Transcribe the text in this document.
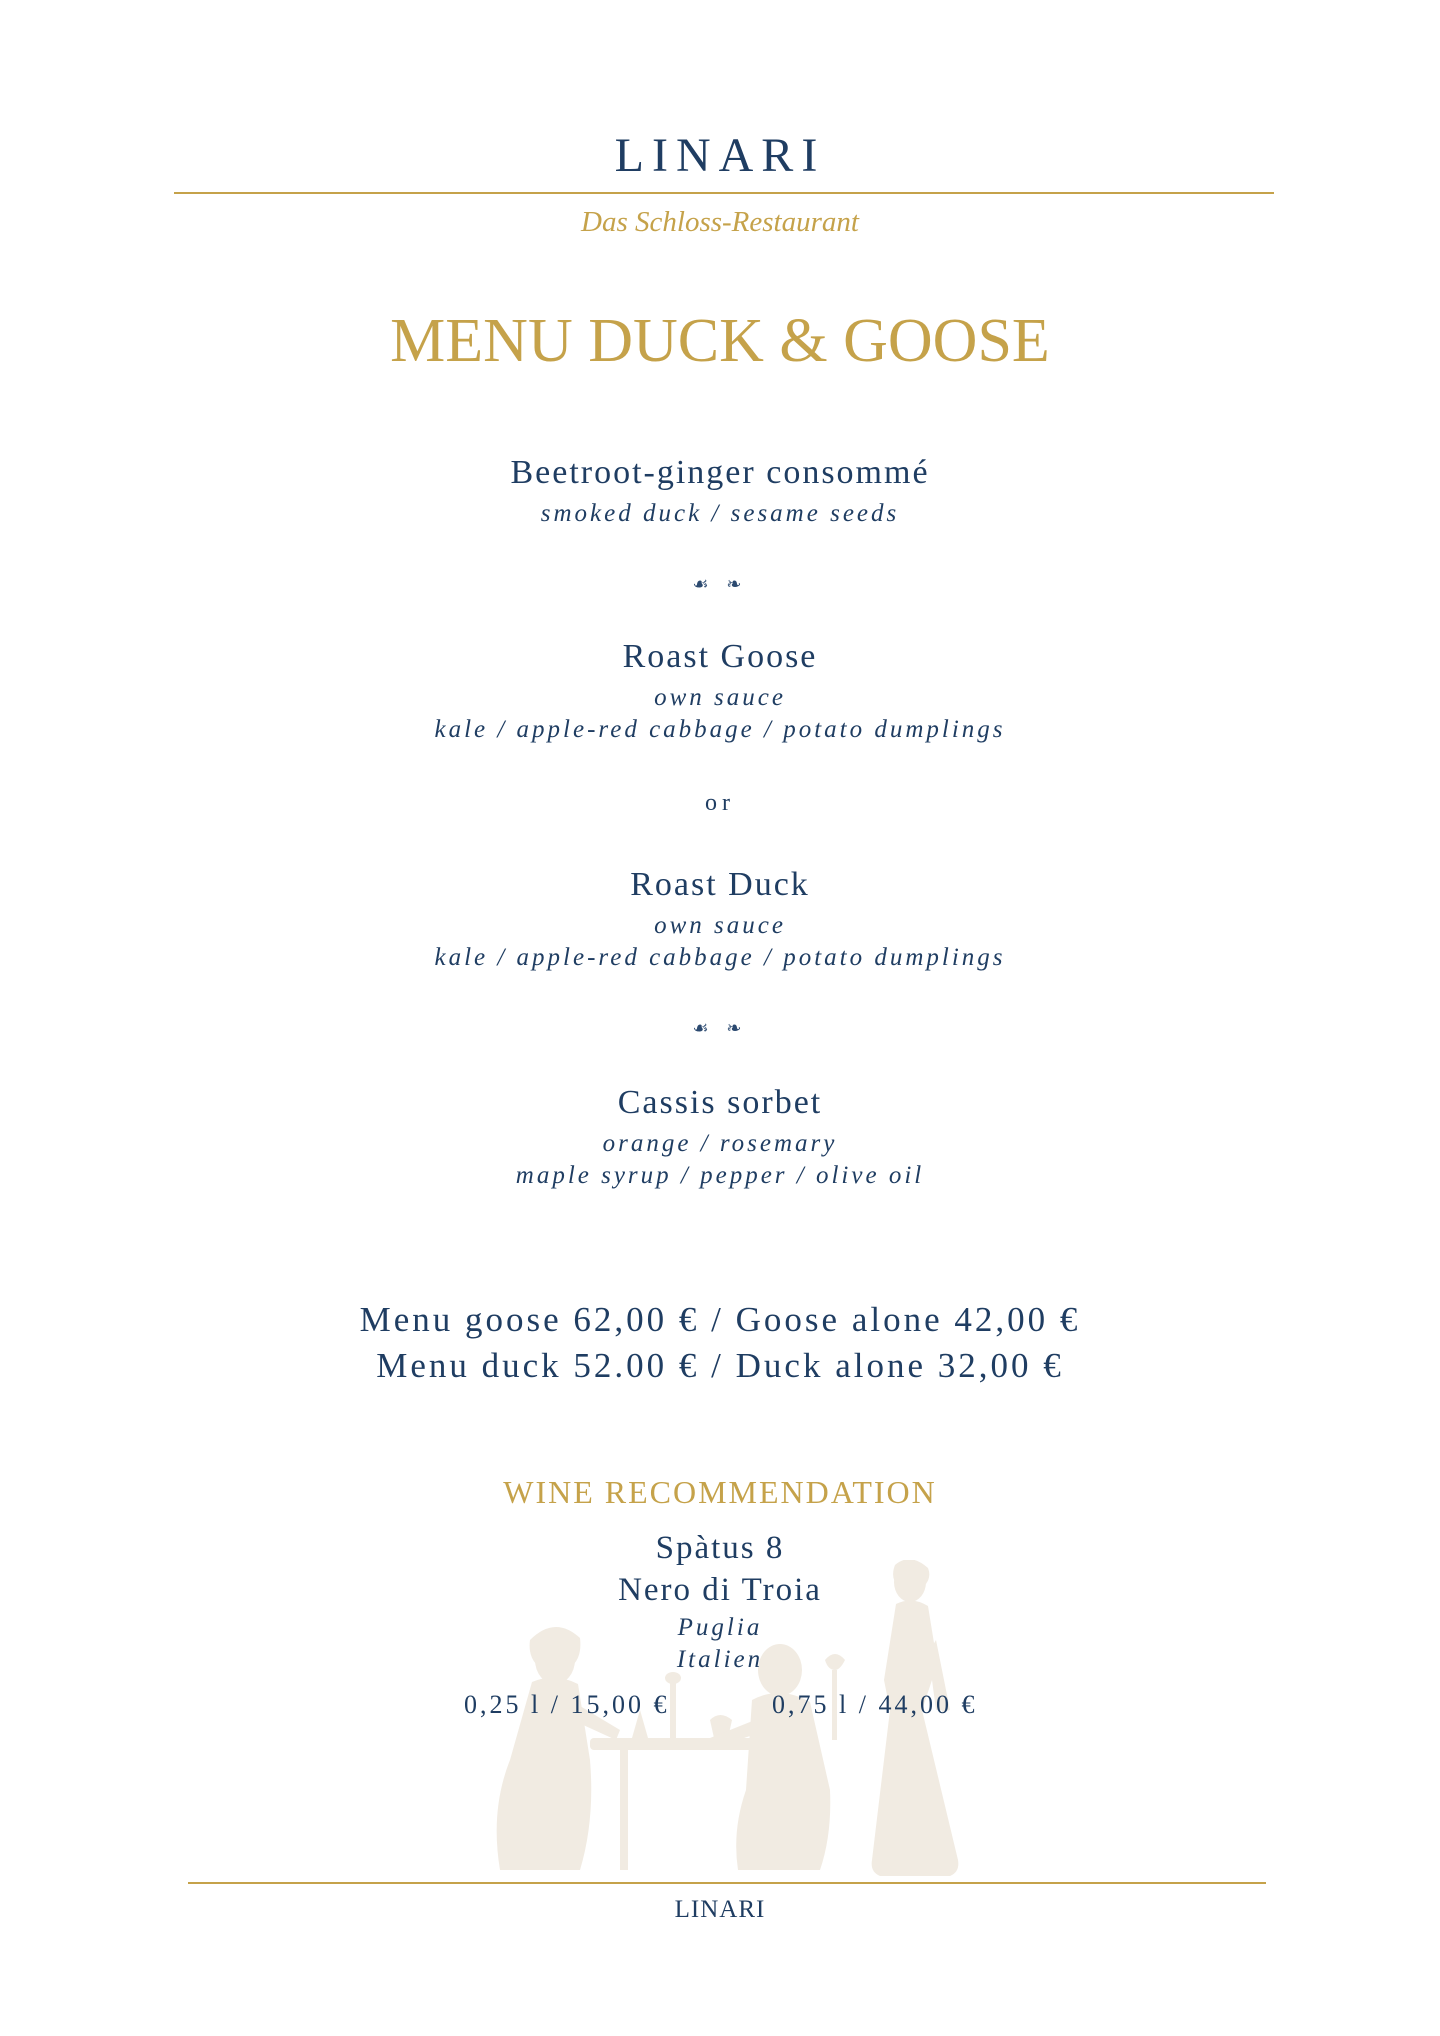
LINARI
Das Schloss-Restaurant
MENU DUCK & GOOSE
Beetroot-ginger consommé
smoked duck / sesame seeds
☙ ❧
Roast Goose
own sauce
kale / apple-red cabbage / potato dumplings
or
Roast Duck
own sauce
kale / apple-red cabbage / potato dumplings
☙ ❧
Cassis sorbet
orange / rosemary
maple syrup / pepper / olive oil
Menu goose 62,00 € / Goose alone 42,00 €
Menu duck 52.00 € / Duck alone 32,00 €
WINE RECOMMENDATION
Spàtus 8
Nero di Troia
Puglia
Italien
0,25 l / 15,00 €	0,75 l / 44,00 €
LINARI
